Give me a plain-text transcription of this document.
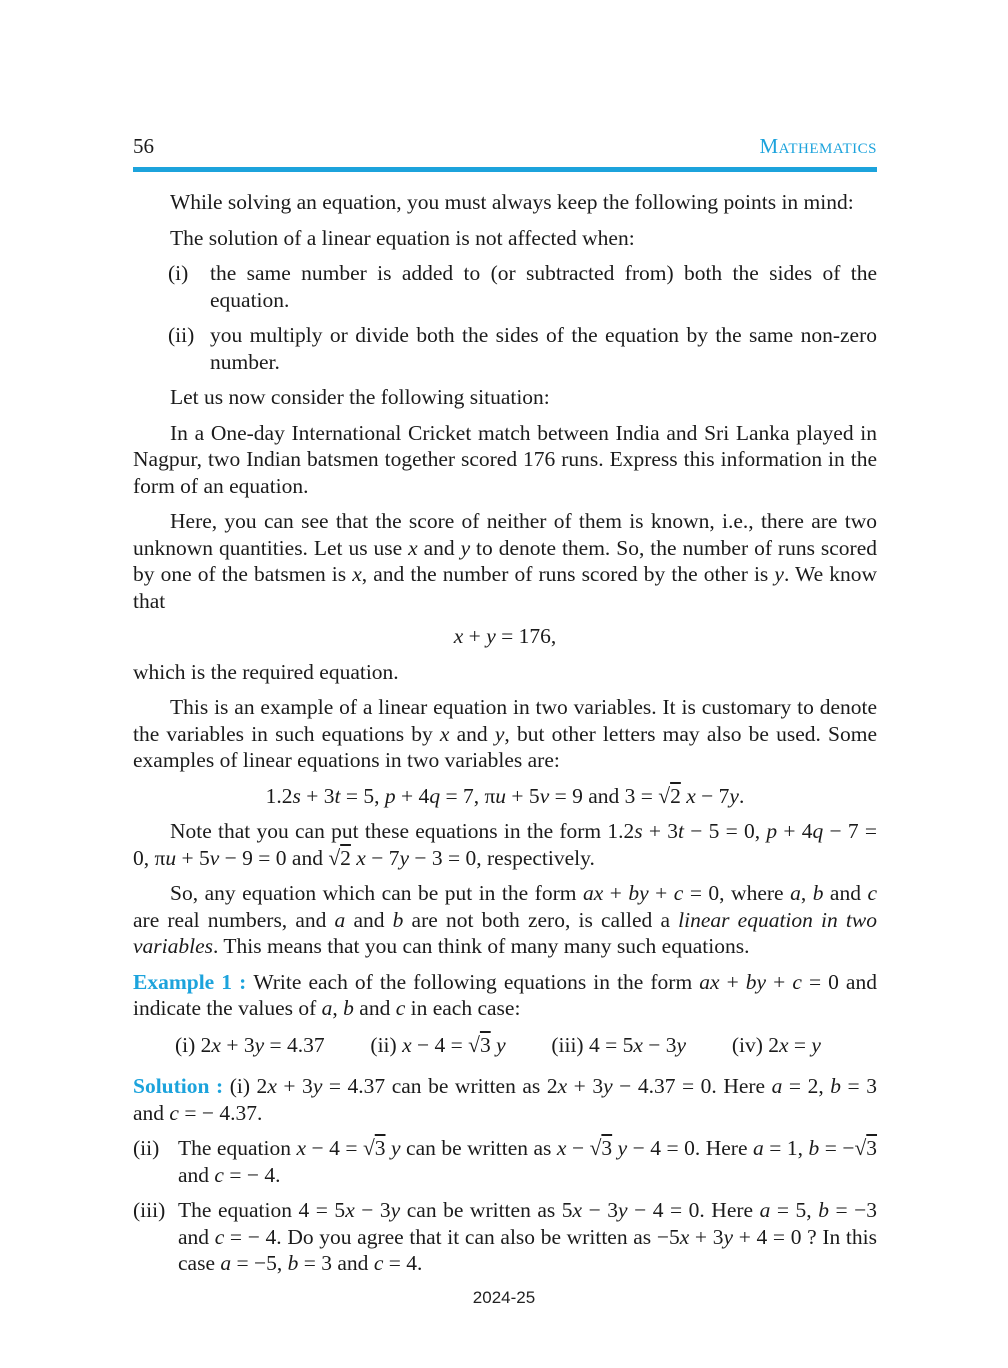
56	Mathematics

While solving an equation, you must always keep the following points in mind:

The solution of a linear equation is not affected when:

(i) the same number is added to (or subtracted from) both the sides of the equation.
(ii) you multiply or divide both the sides of the equation by the same non-zero number.

Let us now consider the following situation:

In a One-day International Cricket match between India and Sri Lanka played in Nagpur, two Indian batsmen together scored 176 runs. Express this information in the form of an equation.

Here, you can see that the score of neither of them is known, i.e., there are two unknown quantities. Let us use x and y to denote them. So, the number of runs scored by one of the batsmen is x, and the number of runs scored by the other is y. We know that

x + y = 176,

which is the required equation.

This is an example of a linear equation in two variables. It is customary to denote the variables in such equations by x and y, but other letters may also be used. Some examples of linear equations in two variables are:

1.2s + 3t = 5, p + 4q = 7, πu + 5v = 9 and 3 = √2 x − 7y.

Note that you can put these equations in the form 1.2s + 3t − 5 = 0, p + 4q − 7 = 0, πu + 5v − 9 = 0 and √2 x − 7y − 3 = 0, respectively.

So, any equation which can be put in the form ax + by + c = 0, where a, b and c are real numbers, and a and b are not both zero, is called a linear equation in two variables. This means that you can think of many many such equations.

Example 1 : Write each of the following equations in the form ax + by + c = 0 and indicate the values of a, b and c in each case:

(i) 2x + 3y = 4.37 (ii) x − 4 = √3 y (iii) 4 = 5x − 3y (iv) 2x = y

Solution : (i) 2x + 3y = 4.37 can be written as 2x + 3y − 4.37 = 0. Here a = 2, b = 3 and c = − 4.37.

(ii) The equation x − 4 = √3 y can be written as x − √3 y − 4 = 0. Here a = 1, b = −√3 and c = − 4.
(iii) The equation 4 = 5x − 3y can be written as 5x − 3y − 4 = 0. Here a = 5, b = −3 and c = − 4. Do you agree that it can also be written as −5x + 3y + 4 = 0 ? In this case a = −5, b = 3 and c = 4.
2024-25
